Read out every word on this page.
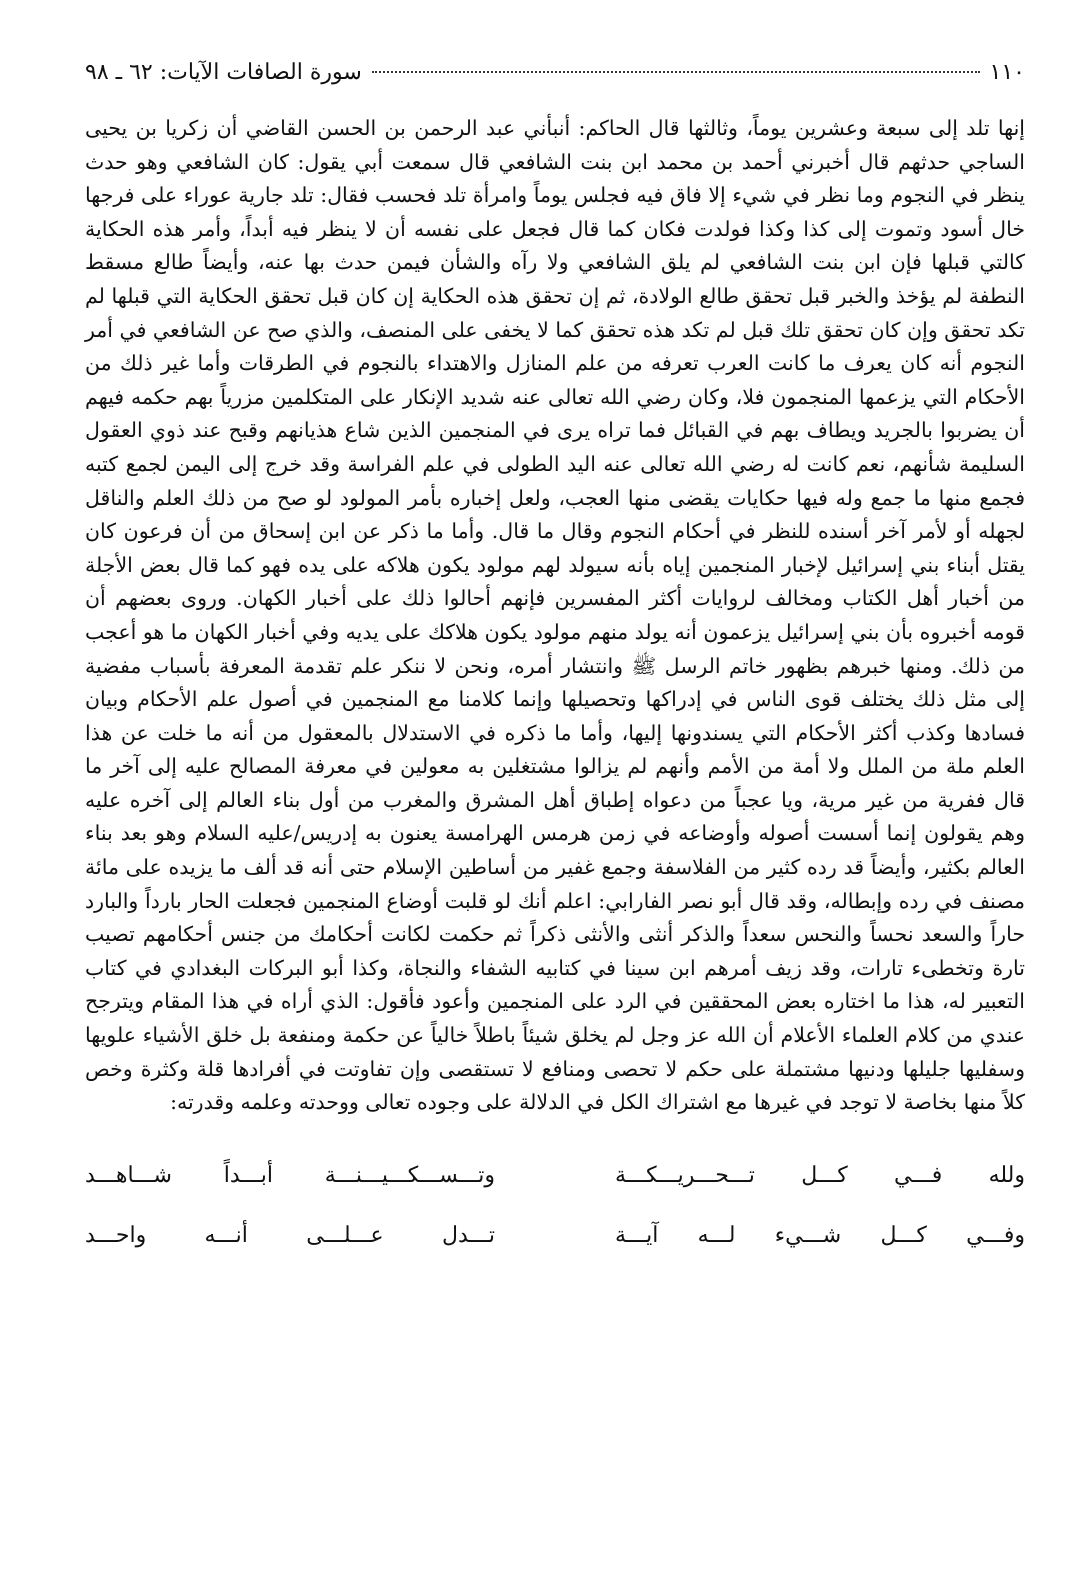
١١٠
سورة الصافات الآيات: ٦٢ ـ ٩٨

إنها تلد إلى سبعة وعشرين يوماً، وثالثها قال الحاكم: أنبأني عبد الرحمن بن الحسن القاضي أن زكريا بن يحيى الساجي حدثهم قال أخبرني أحمد بن محمد ابن بنت الشافعي قال سمعت أبي يقول: كان الشافعي وهو حدث ينظر في النجوم وما نظر في شيء إلا فاق فيه فجلس يوماً وامرأة تلد فحسب فقال: تلد جارية عوراء على فرجها خال أسود وتموت إلى كذا وكذا فولدت فكان كما قال فجعل على نفسه أن لا ينظر فيه أبداً، وأمر هذه الحكاية كالتي قبلها فإن ابن بنت الشافعي لم يلق الشافعي ولا رآه والشأن فيمن حدث بها عنه، وأيضاً طالع مسقط النطفة لم يؤخذ والخبر قبل تحقق طالع الولادة، ثم إن تحقق هذه الحكاية إن كان قبل تحقق الحكاية التي قبلها لم تكد تحقق وإن كان تحقق تلك قبل لم تكد هذه تحقق كما لا يخفى على المنصف، والذي صح عن الشافعي في أمر النجوم أنه كان يعرف ما كانت العرب تعرفه من علم المنازل والاهتداء بالنجوم في الطرقات وأما غير ذلك من الأحكام التي يزعمها المنجمون فلا، وكان رضي الله تعالى عنه شديد الإنكار على المتكلمين مزرياً بهم حكمه فيهم أن يضربوا بالجريد ويطاف بهم في القبائل فما تراه يرى في المنجمين الذين شاع هذيانهم وقبح عند ذوي العقول السليمة شأنهم، نعم كانت له رضي الله تعالى عنه اليد الطولى في علم الفراسة وقد خرج إلى اليمن لجمع كتبه فجمع منها ما جمع وله فيها حكايات يقضى منها العجب، ولعل إخباره بأمر المولود لو صح من ذلك العلم والناقل لجهله أو لأمر آخر أسنده للنظر في أحكام النجوم وقال ما قال. وأما ما ذكر عن ابن إسحاق من أن فرعون كان يقتل أبناء بني إسرائيل لإخبار المنجمين إياه بأنه سيولد لهم مولود يكون هلاكه على يده فهو كما قال بعض الأجلة من أخبار أهل الكتاب ومخالف لروايات أكثر المفسرين فإنهم أحالوا ذلك على أخبار الكهان. وروى بعضهم أن قومه أخبروه بأن بني إسرائيل يزعمون أنه يولد منهم مولود يكون هلاكك على يديه وفي أخبار الكهان ما هو أعجب من ذلك. ومنها خبرهم بظهور خاتم الرسل ﷺ وانتشار أمره، ونحن لا ننكر علم تقدمة المعرفة بأسباب مفضية إلى مثل ذلك يختلف قوى الناس في إدراكها وتحصيلها وإنما كلامنا مع المنجمين في أصول علم الأحكام وبيان فسادها وكذب أكثر الأحكام التي يسندونها إليها، وأما ما ذكره في الاستدلال بالمعقول من أنه ما خلت عن هذا العلم ملة من الملل ولا أمة من الأمم وأنهم لم يزالوا مشتغلين به معولين في معرفة المصالح عليه إلى آخر ما قال ففرية من غير مرية، ويا عجباً من دعواه إطباق أهل المشرق والمغرب من أول بناء العالم إلى آخره عليه وهم يقولون إنما أسست أصوله وأوضاعه في زمن هرمس الهرامسة يعنون به إدريس/عليه السلام وهو بعد بناء العالم بكثير، وأيضاً قد رده كثير من الفلاسفة وجمع غفير من أساطين الإسلام حتى أنه قد ألف ما يزيده على مائة مصنف في رده وإبطاله، وقد قال أبو نصر الفارابي: اعلم أنك لو قلبت أوضاع المنجمين فجعلت الحار بارداً والبارد حاراً والسعد نحساً والنحس سعداً والذكر أنثى والأنثى ذكراً ثم حكمت لكانت أحكامك من جنس أحكامهم تصيب تارة وتخطىء تارات، وقد زيف أمرهم ابن سينا في كتابيه الشفاء والنجاة، وكذا أبو البركات البغدادي في كتاب التعبير له، هذا ما اختاره بعض المحققين في الرد على المنجمين وأعود فأقول: الذي أراه في هذا المقام ويترجح عندي من كلام العلماء الأعلام أن الله عز وجل لم يخلق شيئاً باطلاً خالياً عن حكمة ومنفعة بل خلق الأشياء علويها وسفليها جليلها ودنيها مشتملة على حكم لا تحصى ومنافع لا تستقصى وإن تفاوتت في أفرادها قلة وكثرة وخص كلاً منها بخاصة لا توجد في غيرها مع اشتراك الكل في الدلالة على وجوده تعالى ووحدته وعلمه وقدرته:

ولله فـــي كـــل تـــحـــريـــكـــة
وتـــســـكـــيـــنـــة أبـــداً شـــاهـــد
وفـــي كـــل شـــيء لـــه آيـــة
تـــدل عـــلـــى أنـــه واحـــد
